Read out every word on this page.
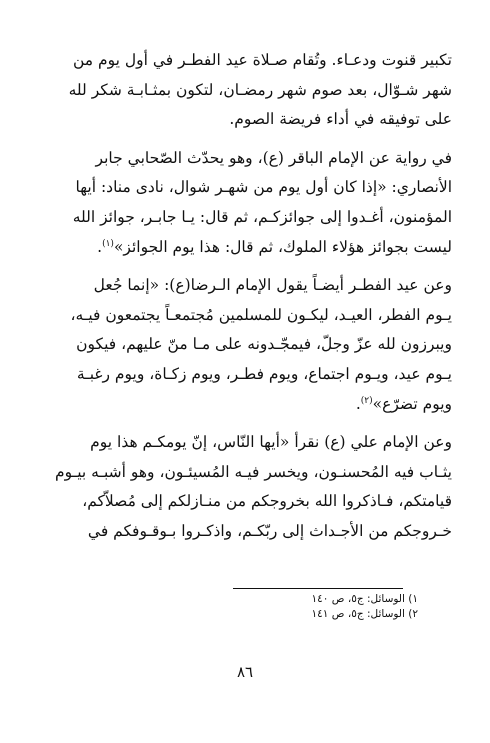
تكبير قنوت ودعـاء. وتُقام صـلاة عيد الفطـر في أول يوم من

شهر شـوّال، بعد صوم شهر رمضـان، لتكون بمثـابـة شكر لله

على توفيقه في أداء فريضة الصوم.

في رواية عن الإمام الباقر (ع)، وهو يحدّث الصّحابي جابر

الأنصاري: «إذا كان أول يوم من شهـر شوال، نادى مناد: أيها

المؤمنون، أغـدوا إلى جوائزكـم، ثم قال: يـا جابـر، جوائز الله

ليست بجوائز هؤلاء الملوك، ثم قال: هذا يوم الجوائز»$^{(١)}$.

وعن عيد الفطـر أيضـاً يقول الإمام الـرضا(ع): «إنما جُعل

يـوم الفطر، العيـد، ليكـون للمسلمين مُجتمعـاً يجتمعون فيـه،

ويبرزون لله عزّ وجلّ، فيمجّـدونه على مـا منّ عليهم، فيكون

يـوم عيد، ويـوم اجتماع، ويوم فطـر، ويوم زكـاة، ويوم رغبـة

ويوم تضرّع»$^{(٢)}$.

وعن الإمام علي (ع) نقرأ «أيها النّاس، إنّ يومكـم هذا يوم

يثـاب فيه المُحسنـون، ويخسر فيـه المُسيئـون، وهو أشبـه بيـوم

قيامتكم، فـاذكروا الله بخروجكم من منـازلكم إلى مُصلاّكم،

خـروجكم من الأجـداث إلى ربّكـم، واذكـروا بـوقـوفكم في

١) الوسائل: ج٥، ص ١٤٠
٢) الوسائل: ج٥، ص ١٤١
٨٦
